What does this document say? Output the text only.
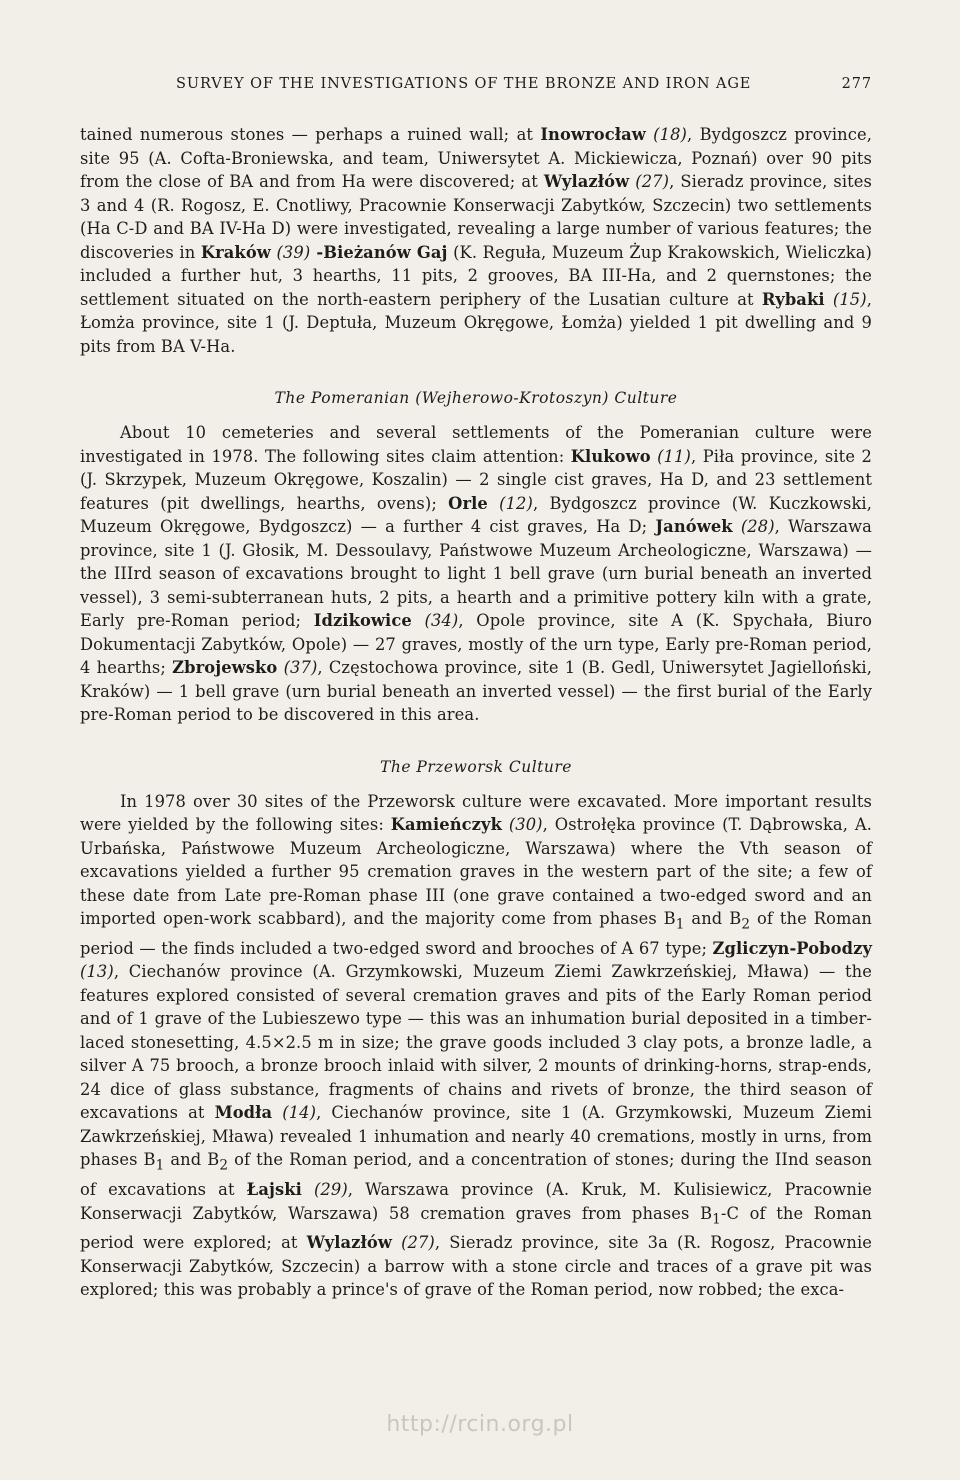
SURVEY OF THE INVESTIGATIONS OF THE BRONZE AND IRON AGE	277

tained numerous stones — perhaps a ruined wall; at Inowrocław (18), Bydgoszcz province, site 95 (A. Cofta-Broniewska, and team, Uniwersytet A. Mickiewicza, Poznań) over 90 pits from the close of BA and from Ha were discovered; at Wylazłów (27), Sieradz province, sites 3 and 4 (R. Rogosz, E. Cnotliwy, Pracownie Konserwacji Zabytków, Szczecin) two settlements (Ha C-D and BA IV-Ha D) were investigated, revealing a large number of various features; the discoveries in Kraków (39) -Bieżanów Gaj (K. Reguła, Muzeum Żup Krakowskich, Wieliczka) included a further hut, 3 hearths, 11 pits, 2 grooves, BA III-Ha, and 2 quernstones; the settlement situated on the north-eastern periphery of the Lusatian culture at Rybaki (15), Łomża province, site 1 (J. Deptuła, Muzeum Okręgowe, Łomża) yielded 1 pit dwelling and 9 pits from BA V-Ha.

The Pomeranian (Wejherowo-Krotoszyn) Culture

About 10 cemeteries and several settlements of the Pomeranian culture were investigated in 1978. The following sites claim attention: Klukowo (11), Piła province, site 2 (J. Skrzypek, Muzeum Okręgowe, Koszalin) — 2 single cist graves, Ha D, and 23 settlement features (pit dwellings, hearths, ovens); Orle (12), Bydgoszcz province (W. Kuczkowski, Muzeum Okręgowe, Bydgoszcz) — a further 4 cist graves, Ha D; Janówek (28), Warszawa province, site 1 (J. Głosik, M. Dessoulavy, Państwowe Muzeum Archeologiczne, Warszawa) — the IIIrd season of excavations brought to light 1 bell grave (urn burial beneath an inverted vessel), 3 semi-subterranean huts, 2 pits, a hearth and a primitive pottery kiln with a grate, Early pre-Roman period; Idzikowice (34), Opole province, site A (K. Spychała, Biuro Dokumentacji Zabytków, Opole) — 27 graves, mostly of the urn type, Early pre-Roman period, 4 hearths; Zbrojewsko (37), Częstochowa province, site 1 (B. Gedl, Uniwersytet Jagielloński, Kraków) — 1 bell grave (urn burial beneath an inverted vessel) — the first burial of the Early pre-Roman period to be discovered in this area.

The Przeworsk Culture

In 1978 over 30 sites of the Przeworsk culture were excavated. More important results were yielded by the following sites: Kamieńczyk (30), Ostrołęka province (T. Dąbrowska, A. Urbańska, Państwowe Muzeum Archeologiczne, Warszawa) where the Vth season of excavations yielded a further 95 cremation graves in the western part of the site; a few of these date from Late pre-Roman phase III (one grave contained a two-edged sword and an imported open-work scabbard), and the majority come from phases $B_1$ and $B_2$ of the Roman period — the finds included a two-edged sword and brooches of A 67 type; Zgliczyn-Pobodzy (13), Ciechanów province (A. Grzymkowski, Muzeum Ziemi Zawkrzeńskiej, Mława) — the features explored consisted of several cremation graves and pits of the Early Roman period and of 1 grave of the Lubieszewo type — this was an inhumation burial deposited in a timber-laced stonesetting, 4.5×2.5 m in size; the grave goods included 3 clay pots, a bronze ladle, a silver A 75 brooch, a bronze brooch inlaid with silver, 2 mounts of drinking-horns, strap-ends, 24 dice of glass substance, fragments of chains and rivets of bronze, the third season of excavations at Modła (14), Ciechanów province, site 1 (A. Grzymkowski, Muzeum Ziemi Zawkrzeńskiej, Mława) revealed 1 inhumation and nearly 40 cremations, mostly in urns, from phases $B_1$ and $B_2$ of the Roman period, and a concentration of stones; during the IInd season of excavations at Łajski (29), Warszawa province (A. Kruk, M. Kulisiewicz, Pracownie Konserwacji Zabytków, Warszawa) 58 cremation graves from phases $B_1-C$ of the Roman period were explored; at Wylazłów (27), Sieradz province, site 3a (R. Rogosz, Pracownie Konserwacji Zabytków, Szczecin) a barrow with a stone circle and traces of a grave pit was explored; this was probably a prince's of grave of the Roman period, now robbed; the exca-

http://rcin.org.pl
